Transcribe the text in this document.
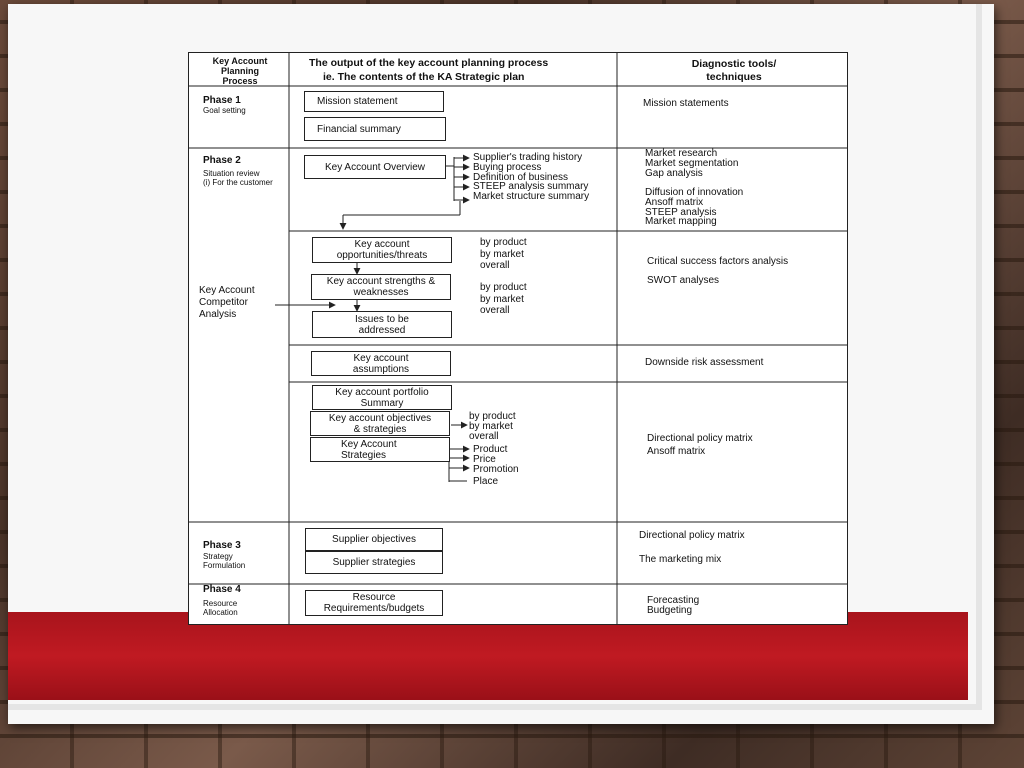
Key Account
Planning
Process
The output of the key account planning process
ie. The contents of the KA Strategic plan
Diagnostic tools/
techniques
Phase 1
Goal setting
Mission statement
Financial summary
Mission statements
Phase 2
Situation review
(i) For the customer
Key Account Overview
Supplier's trading history
Buying process
Definition of business
STEEP analysis summary
Market structure summary
Market research
Market segmentation
Gap analysis
Diffusion of innovation
Ansoff matrix
STEEP analysis
Market mapping
Key Account
Competitor
Analysis
Key account
opportunities/threats
Key account strengths &
weaknesses
Issues to be
addressed
by product
by market
overall
by product
by market
overall
Critical success factors analysis
SWOT analyses
Key account
assumptions
Downside risk assessment
Key account portfolio
Summary
Key account objectives
& strategies
by product
by market
overall
Key Account
Strategies	Product
Price
Promotion
Place
Directional policy matrix
Ansoff matrix
Phase 3
Strategy
Formulation
Supplier objectives
Supplier strategies
Directional policy matrix
The marketing mix
Phase 4
Resource
Allocation
Resource
Requirements/budgets
Forecasting
Budgeting
